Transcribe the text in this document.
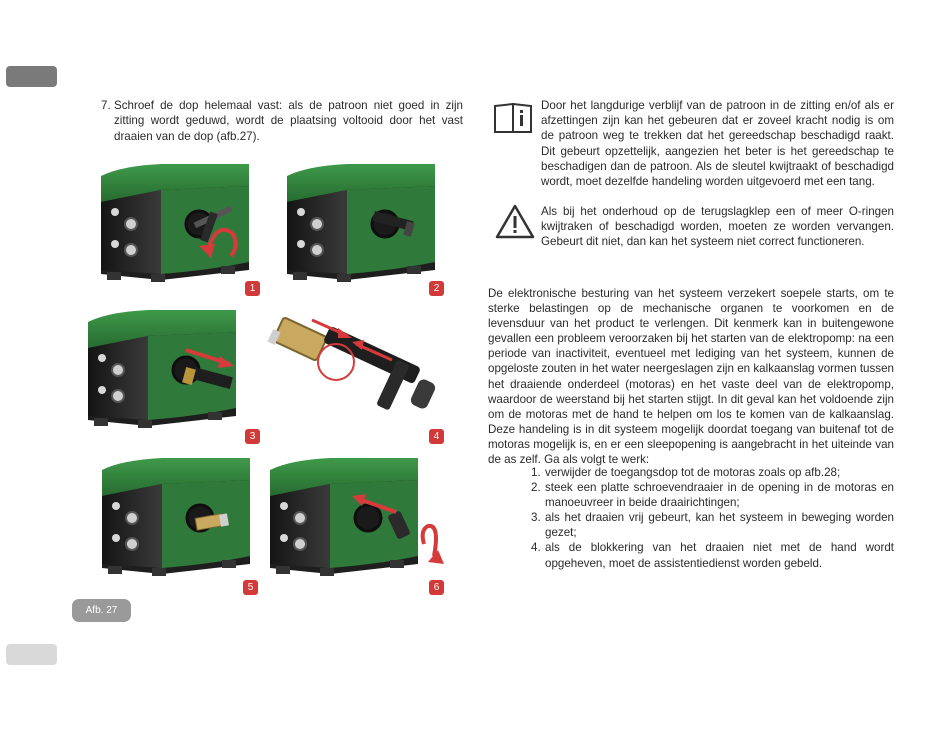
7. Schroef de dop helemaal vast: als de patroon niet goed in zijn zitting wordt geduwd, wordt de plaatsing voltooid door het vast draaien van de dop (afb.27).
1	2
3	4
5	6
Afb. 27
Door het langdurige verblijf van de patroon in de zitting en/of als er afzettingen zijn kan het gebeuren dat er zoveel kracht nodig is om de patroon weg te trekken dat het gereedschap beschadigd raakt. Dit gebeurt opzettelijk, aangezien het beter is het gereedschap te beschadigen dan de patroon. Als de sleutel kwijtraakt of beschadigd wordt, moet dezelfde handeling worden uitgevoerd met een tang.
Als bij het onderhoud op de terugslagklep een of meer O-ringen kwijtraken of beschadigd worden, moeten ze worden vervangen. Gebeurt dit niet, dan kan het systeem niet correct functioneren.
De elektronische besturing van het systeem verzekert soepele starts, om te sterke belastingen op de mechanische organen te voorkomen en de levensduur van het product te verlengen. Dit kenmerk kan in buitengewone gevallen een probleem veroorzaken bij het starten van de elektropomp: na een periode van inactiviteit, eventueel met lediging van het systeem, kunnen de opgeloste zouten in het water neergeslagen zijn en kalkaanslag vormen tussen het draaiende onderdeel (motoras) en het vaste deel van de elektropomp, waardoor de weerstand bij het starten stijgt. In dit geval kan het voldoende zijn om de motoras met de hand te helpen om los te komen van de kalkaanslag. Deze handeling is in dit systeem mogelijk doordat toegang van buitenaf tot de motoras mogelijk is, en er een sleepopening is aangebracht in het uiteinde van de as zelf. Ga als volgt te werk:
1. verwijder de toegangsdop tot de motoras zoals op afb.28;
2. steek een platte schroevendraaier in de opening in de motoras en manoeuvreer in beide draairichtingen;
3. als het draaien vrij gebeurt, kan het systeem in beweging worden gezet;
4. als de blokkering van het draaien niet met de hand wordt opgeheven, moet de assistentiedienst worden gebeld.
